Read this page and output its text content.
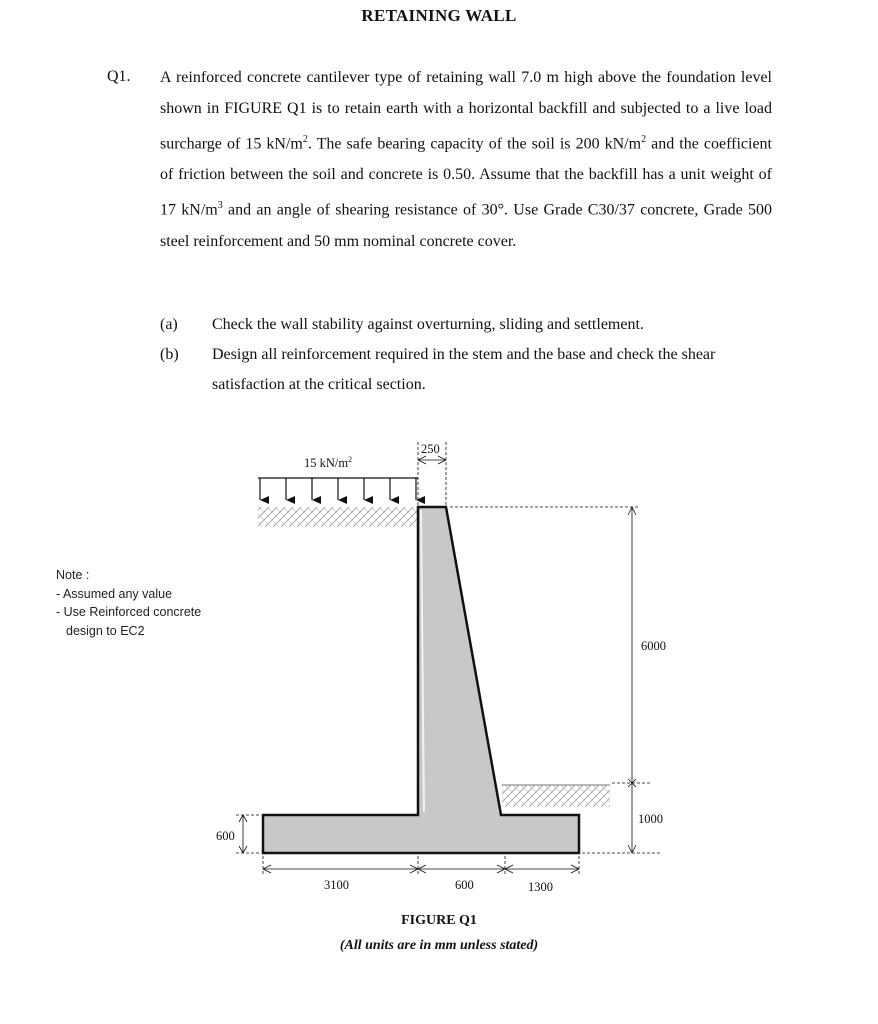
RETAINING WALL
Q1. A reinforced concrete cantilever type of retaining wall 7.0 m high above the foundation level shown in FIGURE Q1 is to retain earth with a horizontal backfill and subjected to a live load surcharge of 15 $kN/m^2$. The safe bearing capacity of the soil is 200 $kN/m^2$ and the coefficient of friction between the soil and concrete is 0.50. Assume that the backfill has a unit weight of 17 $kN/m^3$ and an angle of shearing resistance of 30°. Use Grade C30/37 concrete, Grade 500 steel reinforcement and 50 mm nominal concrete cover.
(a) Check the wall stability against overturning, sliding and settlement.
(b) Design all reinforcement required in the stem and the base and check the shear satisfaction at the critical section.
Note :
- Assumed any value
- Use Reinforced concrete
design to EC2
15 $kN/m^2$
250
6000
1000
600
3100	600	1300
FIGURE Q1
(All units are in mm unless stated)
